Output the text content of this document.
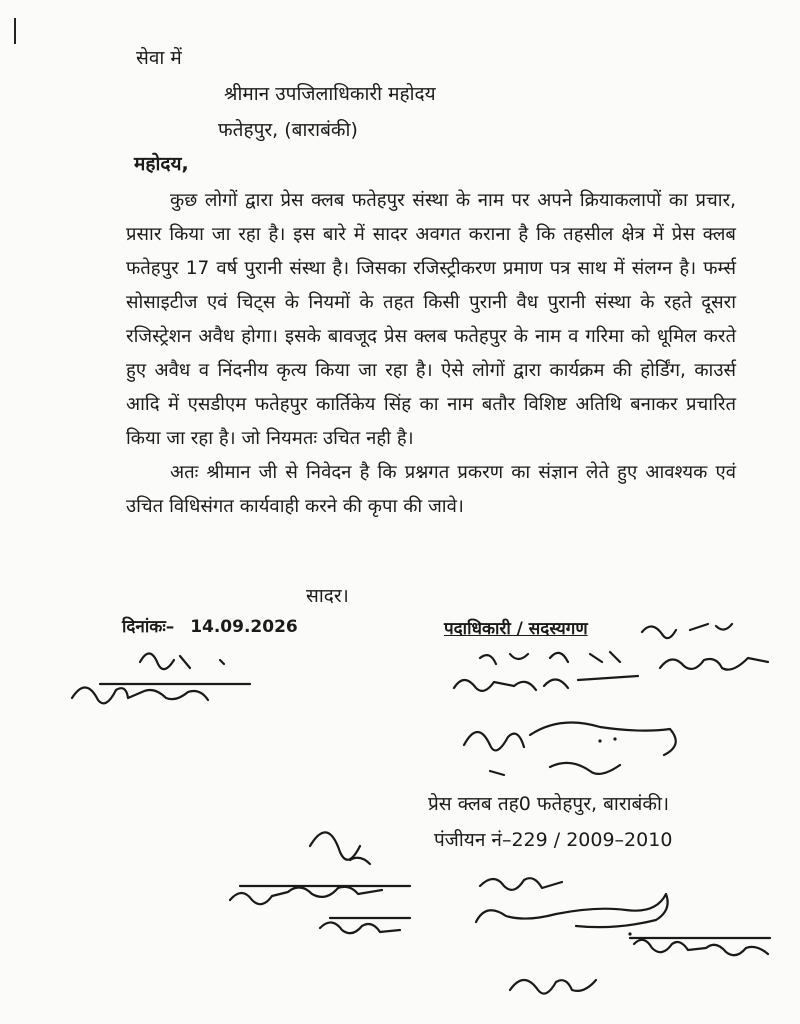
सेवा में
श्रीमान उपजिलाधिकारी महोदय
फतेहपुर, (बाराबंकी)
महोदय,

कुछ लोगों द्वारा प्रेस क्लब फतेहपुर संस्था के नाम पर अपने क्रियाकलापों का प्रचार, प्रसार किया जा रहा है। इस बारे में सादर अवगत कराना है कि तहसील क्षेत्र में प्रेस क्लब फतेहपुर 17 वर्ष पुरानी संस्था है। जिसका रजिस्ट्रीकरण प्रमाण पत्र साथ में संलग्न है। फर्म्स सोसाइटीज एवं चिट्स के नियमों के तहत किसी पुरानी वैध पुरानी संस्था के रहते दूसरा रजिस्ट्रेशन अवैध होगा। इसके बावजूद प्रेस क्लब फतेहपुर के नाम व गरिमा को धूमिल करते हुए अवैध व निंदनीय कृत्य किया जा रहा है। ऐसे लोगों द्वारा कार्यक्रम की होर्डिंग, काउर्स आदि में एसडीएम फतेहपुर कार्तिकेय सिंह का नाम बतौर विशिष्ट अतिथि बनाकर प्रचारित किया जा रहा है। जो नियमतः उचित नही है।

अतः श्रीमान जी से निवेदन है कि प्रश्नगत प्रकरण का संज्ञान लेते हुए आवश्यक एवं उचित विधिसंगत कार्यवाही करने की कृपा की जावे।

सादर।
दिनांकः– 14.09.2026	पदाधिकारी / सदस्यगण
प्रेस क्लब तह0 फतेहपुर, बाराबंकी।
पंजीयन नं–229 / 2009–2010
